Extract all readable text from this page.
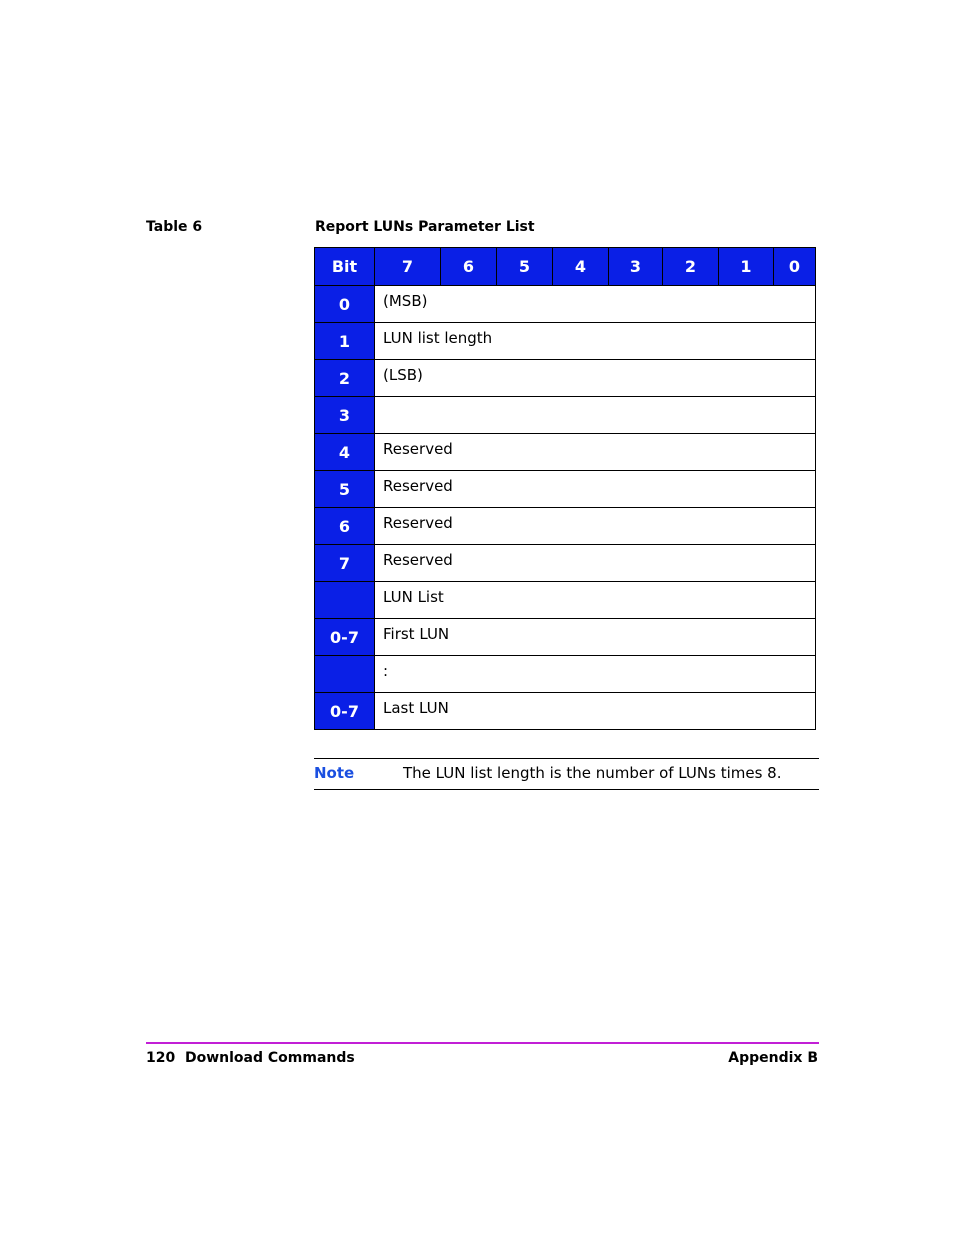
Table 6	Report LUNs Parameter List
Bit	7	6	5	4	3	2	1	0
0	(MSB)							
1	LUN list length							
2	(LSB)							
3								
4	Reserved							
5	Reserved							
6	Reserved							
7	Reserved							
	LUN List							
0-7	First LUN							
	:							
0-7	Last LUN							
Note	The LUN list length is the number of LUNs times 8.
120  Download Commands	Appendix B
